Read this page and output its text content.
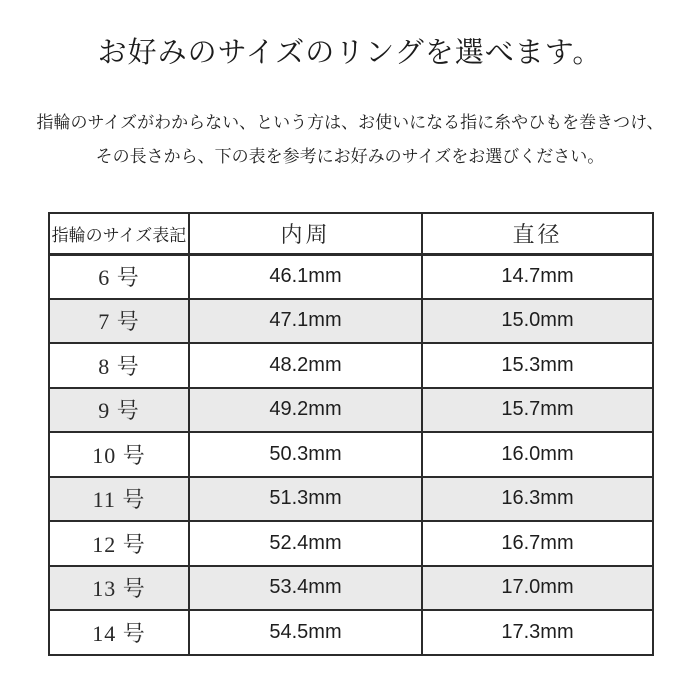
お好みのサイズのリングを選べます。
指輪のサイズがわからない、という方は、お使いになる指に糸やひもを巻きつけ、
その長さから、下の表を参考にお好みのサイズをお選びください。
指輪のサイズ表記	内周	直径
6 号	46.1mm	14.7mm
7 号	47.1mm	15.0mm
8 号	48.2mm	15.3mm
9 号	49.2mm	15.7mm
10 号	50.3mm	16.0mm
11 号	51.3mm	16.3mm
12 号	52.4mm	16.7mm
13 号	53.4mm	17.0mm
14 号	54.5mm	17.3mm
